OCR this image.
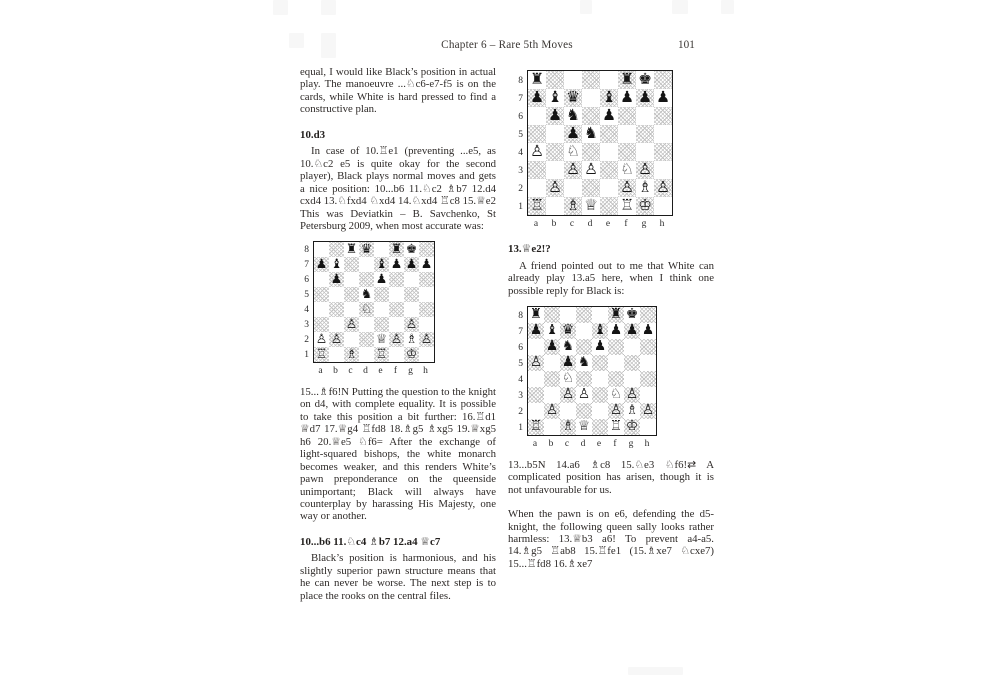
Chapter 6 – Rare 5th Moves	101

equal, I would like Black’s position in actual play. The manoeuvre ...♘c6-e7-f5 is on the cards, while White is hard pressed to find a constructive plan.

10.d3

In case of 10.♖e1 (preventing ...e5, as 10.♘c2 e5 is quite okay for the second player), Black plays normal moves and gets a nice position: 10...b6 11.♘c2 ♗b7 12.d4 cxd4 13.♘fxd4 ♘xd4 14.♘xd4 ♖c8 15.♕e2 This was Deviatkin – B. Savchenko, St Petersburg 2009, when most accurate was:

8
7
6
5
4
3
2
1
♜ ♛ ♜ ♚
♟ ♝	♝ ♟ ♟ ♟
♟	♟
♞
♘
♙	♙
♙ ♙	♕ ♙ ♗ ♙
♖ ♗ ♖ ♔
a	b	c	d	e	f	g	h

15...♗f6!N Putting the question to the knight on d4, with complete equality. It is possible to take this position a bit further: 16.♖d1 ♕d7 17.♕g4 ♖fd8 18.♗g5 ♗xg5 19.♕xg5 h6 20.♕e5 ♘f6= After the exchange of light-squared bishops, the white monarch becomes weaker, and this renders White’s pawn preponderance on the queenside unimportant; Black will always have counterplay by harassing His Majesty, one way or another.

10...b6 11.♘c4 ♗b7 12.a4 ♕c7

Black’s position is harmonious, and his slightly superior pawn structure means that he can never be worse. The next step is to place the rooks on the central files.

8
7
6
5
4
3
2
1
♜	♜ ♚
♟ ♝ ♛ ♝ ♟ ♟ ♟
♟ ♞ ♟
♟ ♞
♙ ♘
♙ ♙ ♘ ♙
♙	♙ ♗ ♙
♖ ♗ ♕ ♖ ♔
a	b	c	d	e	f	g	h
13.♕e2!?

A friend pointed out to me that White can already play 13.a5 here, when I think one possible reply for Black is:

8
7
6
5
4
3
2
1
♜	♜ ♚
♟ ♝ ♛ ♝ ♟ ♟ ♟
♟ ♞ ♟
♙ ♟ ♞
♘
♙ ♙ ♘ ♙
♙	♙ ♗ ♙
♖ ♗ ♕ ♖ ♔
a	b	c	d	e	f	g	h

13...b5N 14.a6 ♗c8 15.♘e3 ♘f6!⇄ A complicated position has arisen, though it is not unfavourable for us.

When the pawn is on e6, defending the d5-knight, the following queen sally looks rather harmless: 13.♕b3 a6! To prevent a4-a5. 14.♗g5 ♖ab8 15.♖fe1 (15.♗xe7 ♘cxe7) 15...♖fd8 16.♗xe7
